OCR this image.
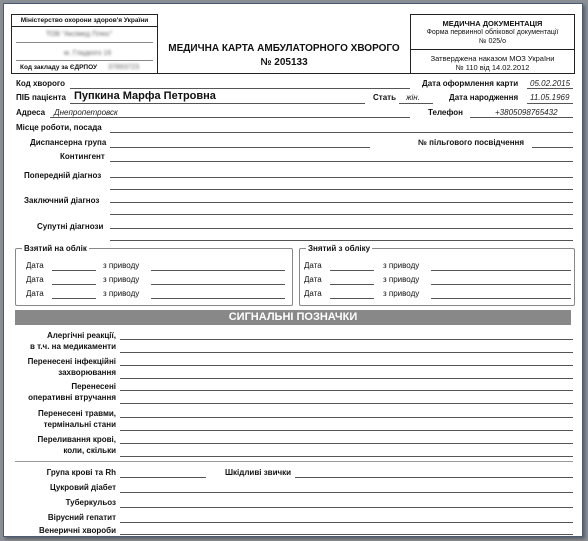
Міністерство охорони здоров'я України
ТОВ "Аксімед Плюс"
м. Гладкого 16
Код закладу за ЄДРПОУ 37893723
МЕДИЧНА КАРТА АМБУЛАТОРНОГО ХВОРОГО
№ 205133
МЕДИЧНА ДОКУМЕНТАЦІЯ
Форма первинної облікової документації
№ 025/о
Затверджена наказом МОЗ України
№ 110 від 14.02.2012
Код хворого	Дата оформлення карти 05.02.2015
ПІБ пацієнта Пупкина Марфа Петровна	Стать жін.	Дата народження 11.05.1969
Адреса Днепропетровск	Телефон	+3805098765432
Місце роботи, посада
Диспансерна група	№ пільгового посвідчення
Контингент
Попередній діагноз
Заключний діагноз
Супутні діагнози
Взятий на облік
Дата	з приводу
Дата	з приводу
Дата	з приводу
Знятий з обліку
Дата	з приводу
Дата	з приводу
Дата	з приводу
СИГНАЛЬНІ ПОЗНАЧКИ
Алергічні реакції,
в т.ч. на медикаменти
Перенесені інфекційні
захворювання
Перенесені
оперативні втручання
Перенесені травми,
термінальні стани
Переливання крові,
коли, скільки
Група крові та Rh	Шкідливі звички
Цукровий діабет
Туберкульоз
Вірусний гепатит
Венеричні хвороби
